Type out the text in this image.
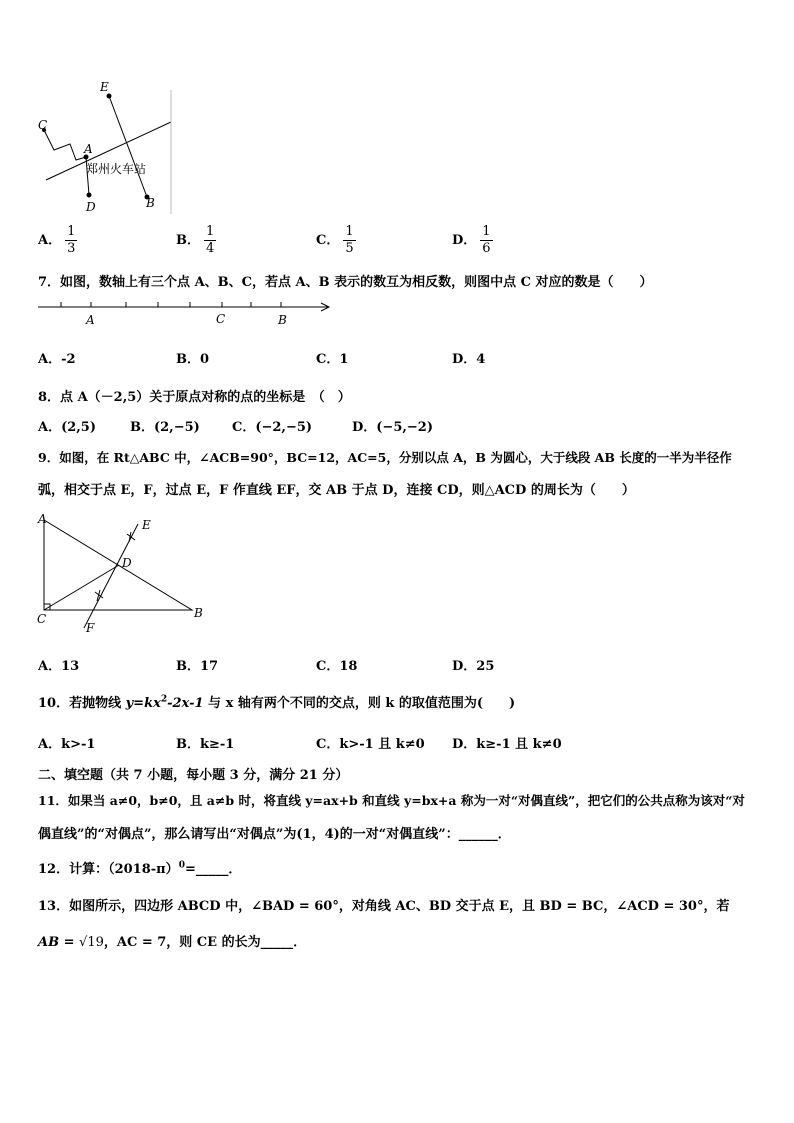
E
C
A
D	B
郑州火车站
A． $\frac{1}{3}$	B． $\frac{1}{4}$	C． $\frac{1}{5}$	D． $\frac{1}{6}$
7．如图，数轴上有三个点 A、B、C，若点 A、B 表示的数互为相反数，则图中点 C 对应的数是（　　）
A	C	B
A．-2	B．0	C．1	D．4
8．点 A（－2,5）关于原点对称的点的坐标是　（　）
A．(2,5)	B．(2,−5) C．(−2,−5)	D．(−5,−2)
9．如图，在 Rt△ABC 中，∠ACB=90°，BC=12，AC=5，分别以点 A，B 为圆心，大于线段 AB 长度的一半为半径作
弧，相交于点 E，F，过点 E，F 作直线 EF，交 AB 于点 D，连接 CD，则△ACD 的周长为（　　）
A	E
D
C	B
F
A．13	B．17	C．18	D．25
10．若抛物线 $y=kx^2-2x-1$ 与 x 轴有两个不同的交点，则 k 的取值范围为(　　)
A．k>-1	B．k≥-1	C．k>-1 且 k≠0 D．k≥-1 且 k≠0
二、填空题（共 7 小题，每小题 3 分，满分 21 分）
11．如果当 a≠0，b≠0，且 a≠b 时，将直线 y=ax+b 和直线 y=bx+a 称为一对“对偶直线”，把它们的公共点称为该对“对
偶直线”的“对偶点”，那么请写出“对偶点”为(1，4)的一对“对偶直线”：______．
12．计算：$(2018-\pi)^0=\_\_\_\_\_$．
13．如图所示，四边形 ABCD 中，∠BAD = 60°，对角线 AC、BD 交于点 E，且 BD = BC，∠ACD = 30°，若
AB = √19，AC = 7，则 CE 的长为_____．
